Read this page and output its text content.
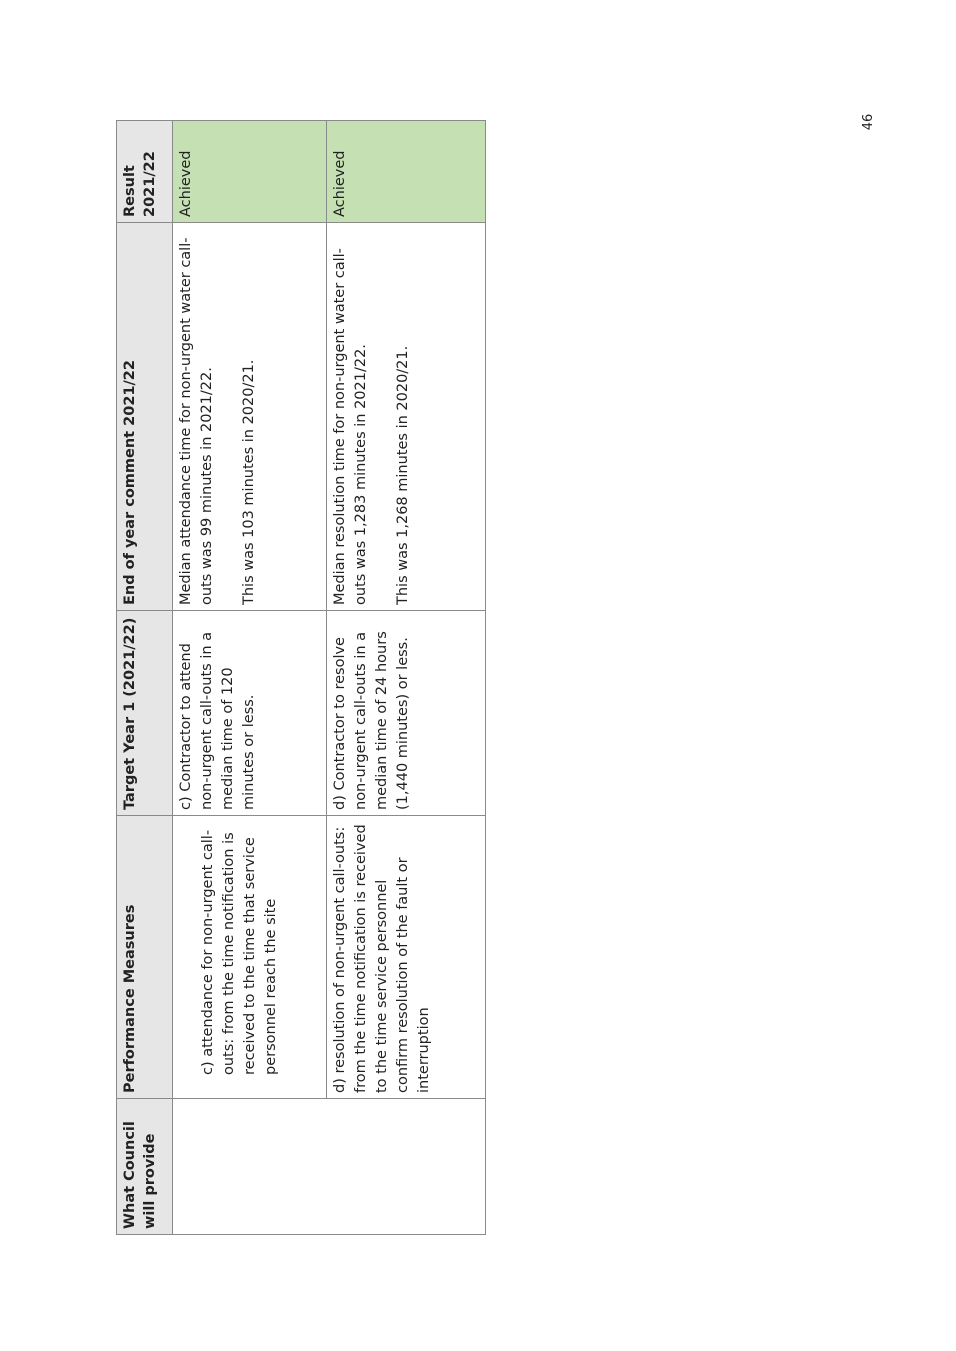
46
What Council will provide	Performance Measures	Target Year 1 (2021/22)	End of year comment 2021/22	Result 2021/22

	c) attendance for non-urgent call-outs: from the time notification is received to the time that service personnel reach the site	c) Contractor to attend non-urgent call-outs in a median time of 120 minutes or less.	Median attendance time for non-urgent water call-outs was 99 minutes in 2021/22. This was 103 minutes in 2020/21.	Achieved

	d) resolution of non-urgent call-outs: from the time notification is received to the time service personnel confirm resolution of the fault or interruption	d) Contractor to resolve non-urgent call-outs in a median time of 24 hours (1,440 minutes) or less.	Median resolution time for non-urgent water call-outs was 1,283 minutes in 2021/22. This was 1,268 minutes in 2020/21.	Achieved
